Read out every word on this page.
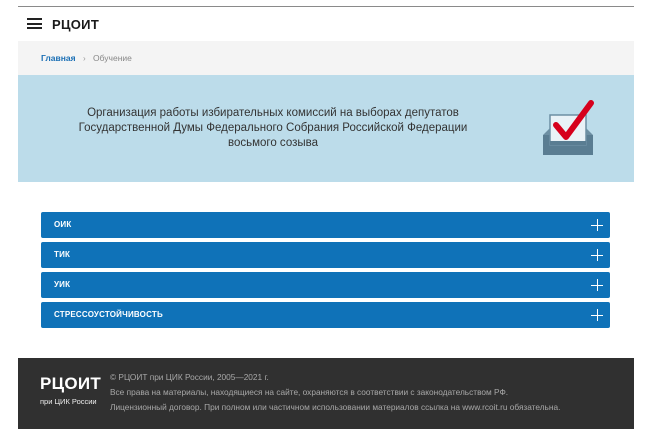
РЦОИТ
Главная › Обучение
Организация работы избирательных комиссий на выборах депутатов
Государственной Думы Федерального Собрания Российской Федерации
восьмого созыва
ОИК
ТИК
УИК
СТРЕССОУСТОЙЧИВОСТЬ
РЦОИТ
при ЦИК России
© РЦОИТ при ЦИК России, 2005—2021 г.
Все права на материалы, находящиеся на сайте, охраняются в соответствии с законодательством РФ.
Лицензионный договор. При полном или частичном использовании материалов ссылка на www.rcoit.ru обязательна.
